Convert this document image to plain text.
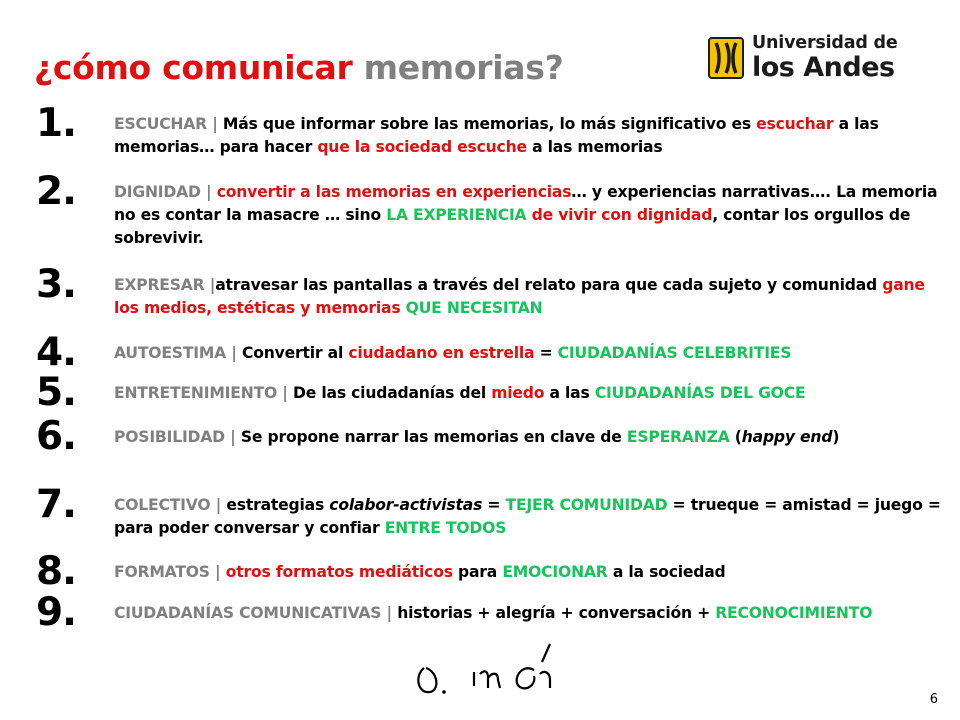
¿cómo comunicar memorias?
Universidad de
los Andes
1. ESCUCHAR | Más que informar sobre las memorias, lo más significativo es escuchar a las memorias… para hacer que la sociedad escuche a las memorias
2. DIGNIDAD | convertir a las memorias en experiencias… y experiencias narrativas…. La memoria no es contar la masacre … sino LA EXPERIENCIA de vivir con dignidad, contar los orgullos de sobrevivir.
3. EXPRESAR |atravesar las pantallas a través del relato para que cada sujeto y comunidad gane los medios, estéticas y memorias QUE NECESITAN
4. AUTOESTIMA | Convertir al ciudadano en estrella = CIUDADANÍAS CELEBRITIES
5. ENTRETENIMIENTO | De las ciudadanías del miedo a las CIUDADANÍAS DEL GOCE
6. POSIBILIDAD | Se propone narrar las memorias en clave de ESPERANZA (happy end)
7. COLECTIVO | estrategias colabor-activistas = TEJER COMUNIDAD = trueque = amistad = juego = para poder conversar y confiar ENTRE TODOS
8. FORMATOS | otros formatos mediáticos para EMOCIONAR a la sociedad
9. CIUDADANÍAS COMUNICATIVAS | historias + alegría + conversación + RECONOCIMIENTO
6
